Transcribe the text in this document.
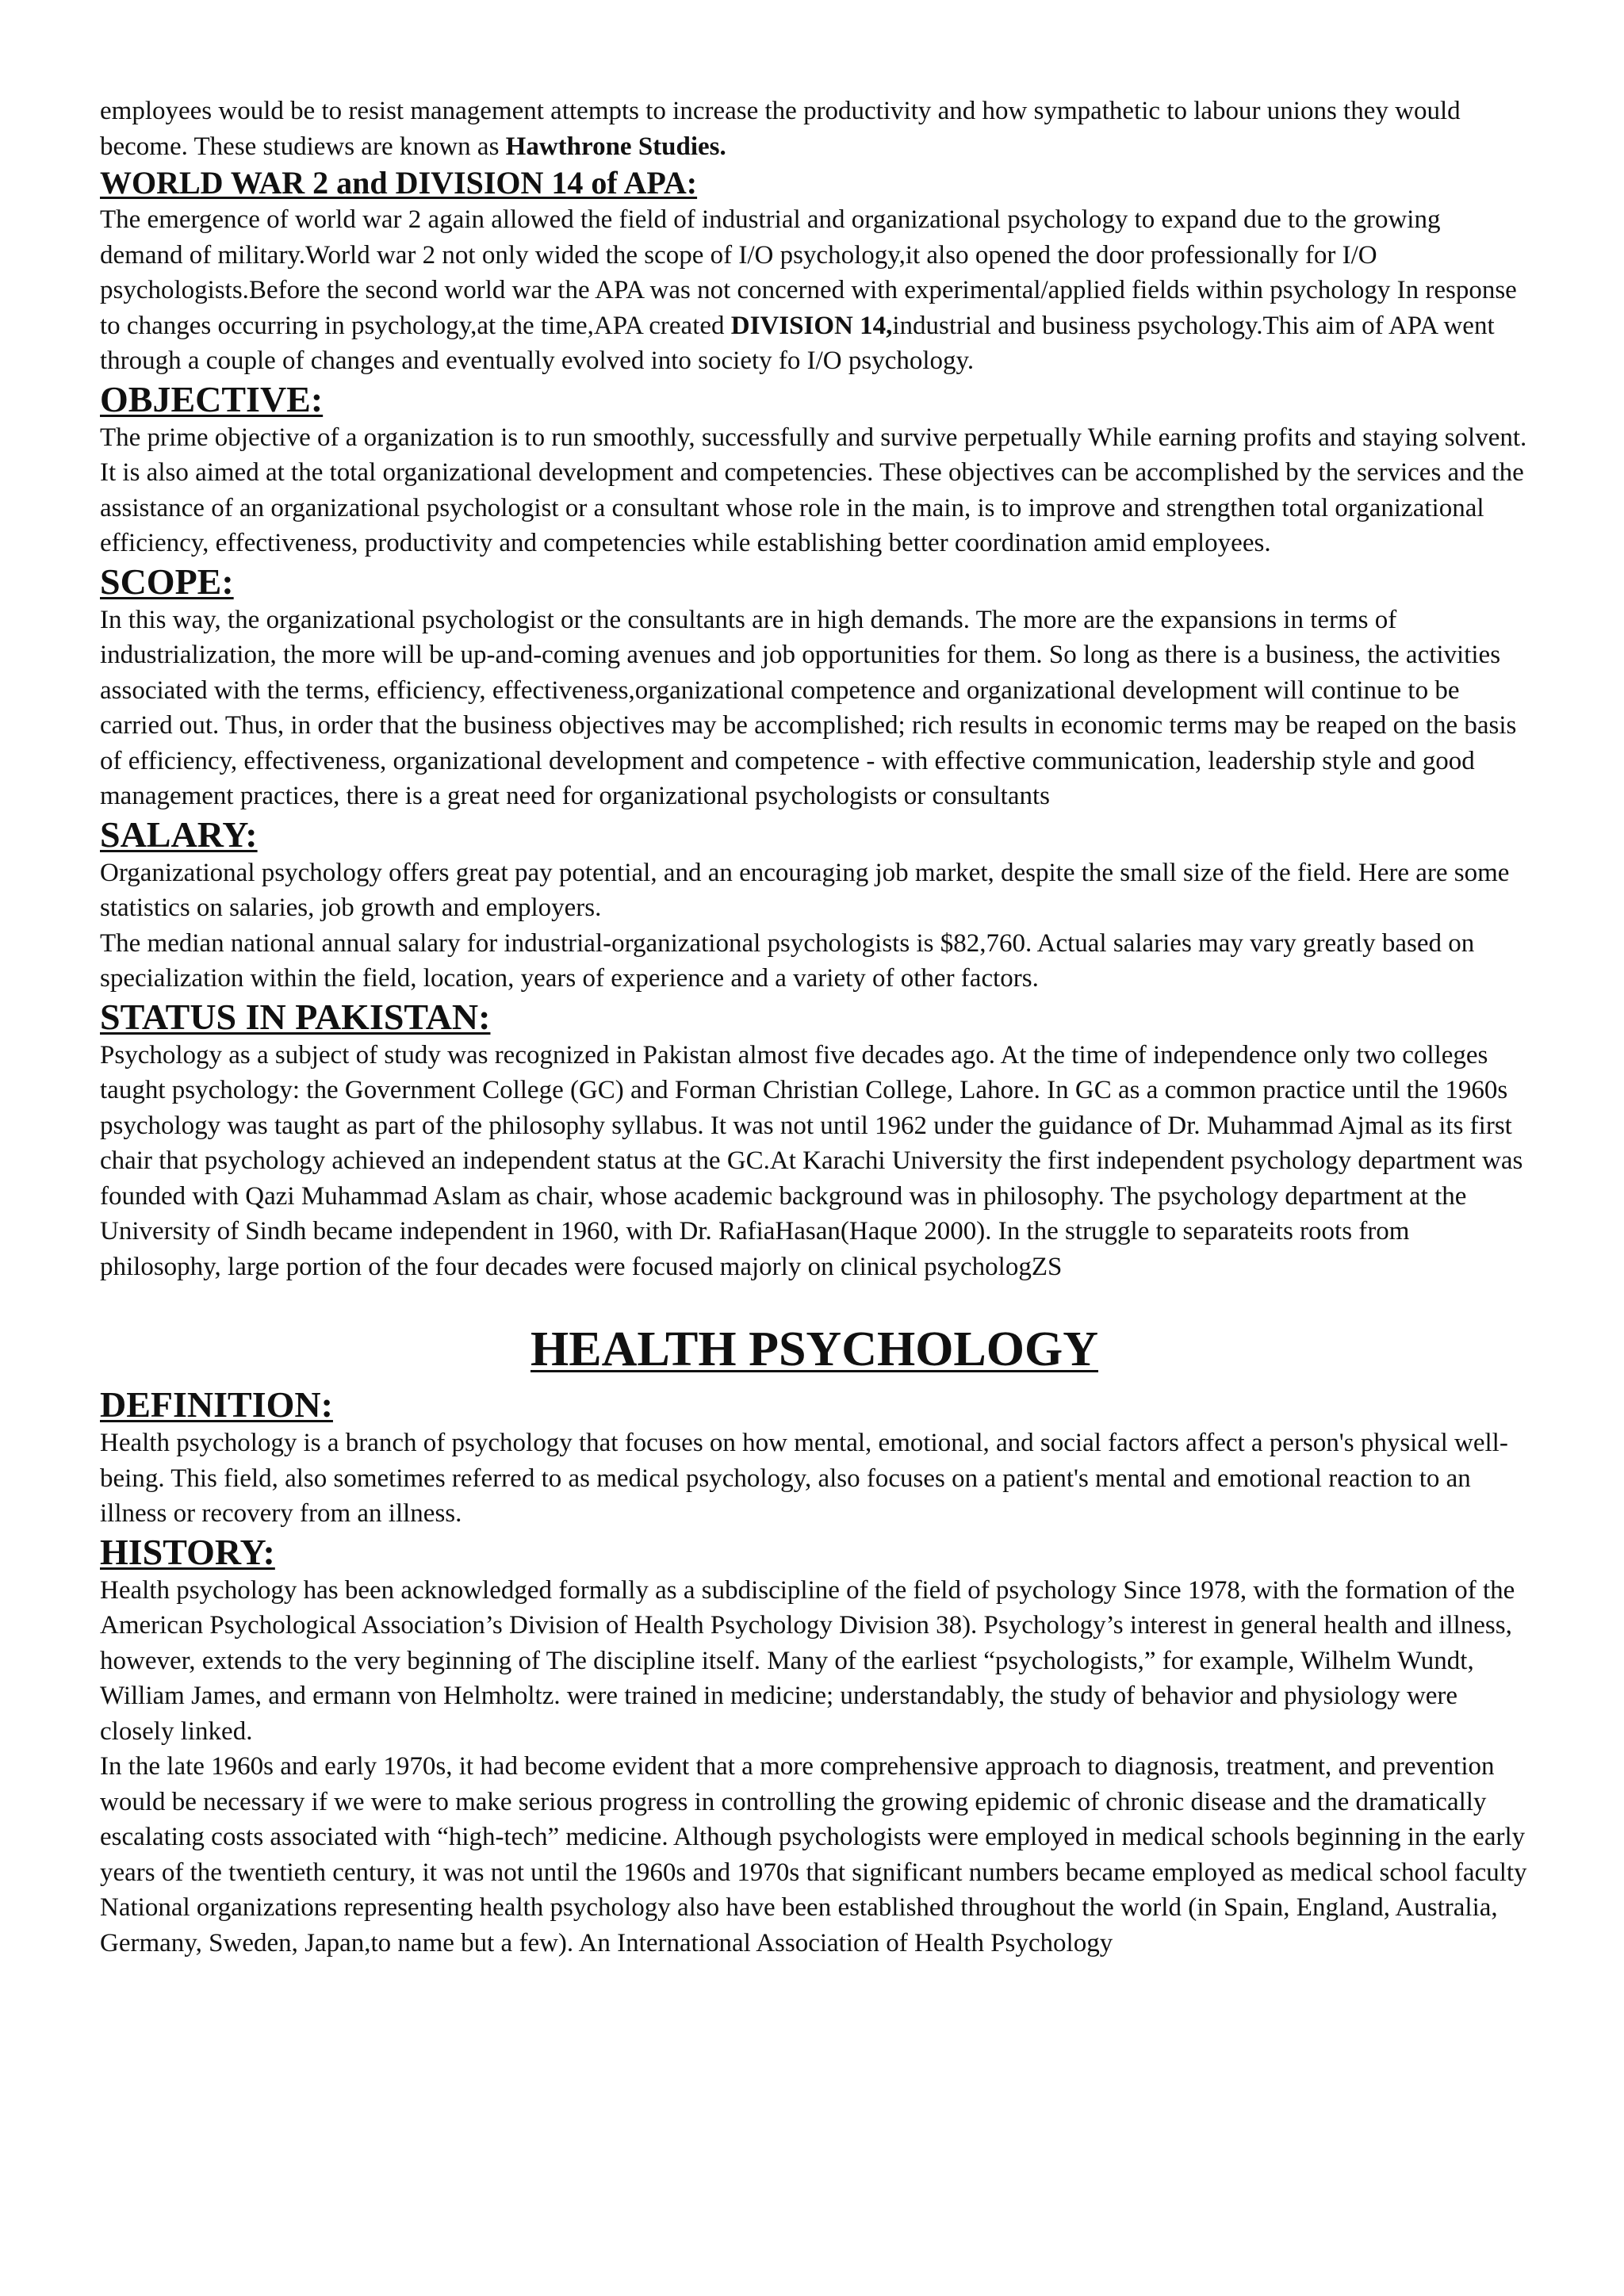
employees would be to resist management attempts to increase the productivity and how sympathetic to labour unions they would become. These studiews are known as Hawthrone Studies.

WORLD WAR 2 and DIVISION 14 of APA:

The emergence of world war 2 again allowed the field of industrial and organizational psychology to expand due to the growing demand of military.World war 2 not only wided the scope of I/O psychology,it also opened the door professionally for I/O psychologists.Before the second world war the APA was not concerned with experimental/applied fields within psychology In response to changes occurring in psychology,at the time,APA created DIVISION 14,industrial and business psychology.This aim of APA went through a couple of changes and eventually evolved into society fo I/O psychology.

OBJECTIVE:

The prime objective of a organization is to run smoothly, successfully and survive perpetually While earning profits and staying solvent. It is also aimed at the total organizational development and competencies. These objectives can be accomplished by the services and the assistance of an organizational psychologist or a consultant whose role in the main, is to improve and strengthen total organizational efficiency, effectiveness, productivity and competencies while establishing better coordination amid employees.

SCOPE:

In this way, the organizational psychologist or the consultants are in high demands. The more are the expansions in terms of industrialization, the more will be up-and-coming avenues and job opportunities for them. So long as there is a business, the activities associated with the terms, efficiency, effectiveness,organizational competence and organizational development will continue to be carried out. Thus, in order that the business objectives may be accomplished; rich results in economic terms may be reaped on the basis of efficiency, effectiveness, organizational development and competence - with effective communication, leadership style and good management practices, there is a great need for organizational psychologists or consultants

SALARY:

Organizational psychology offers great pay potential, and an encouraging job market, despite the small size of the field. Here are some statistics on salaries, job growth and employers.

The median national annual salary for industrial-organizational psychologists is $82,760. Actual salaries may vary greatly based on specialization within the field, location, years of experience and a variety of other factors.

STATUS IN PAKISTAN:

Psychology as a subject of study was recognized in Pakistan almost five decades ago. At the time of independence only two colleges taught psychology: the Government College (GC) and Forman Christian College, Lahore. In GC as a common practice until the 1960s psychology was taught as part of the philosophy syllabus. It was not until 1962 under the guidance of Dr. Muhammad Ajmal as its first chair that psychology achieved an independent status at the GC.At Karachi University the first independent psychology department was founded with Qazi Muhammad Aslam as chair, whose academic background was in philosophy. The psychology department at the University of Sindh became independent in 1960, with Dr. RafiaHasan(Haque 2000). In the struggle to separateits roots from philosophy, large portion of the four decades were focused majorly on clinical psychologZS

HEALTH PSYCHOLOGY
DEFINITION:

Health psychology is a branch of psychology that focuses on how mental, emotional, and social factors affect a person's physical well-being. This field, also sometimes referred to as medical psychology, also focuses on a patient's mental and emotional reaction to an illness or recovery from an illness.

HISTORY:

Health psychology has been acknowledged formally as a subdiscipline of the field of psychology Since 1978, with the formation of the American Psychological Association’s Division of Health Psychology Division 38). Psychology’s interest in general health and illness, however, extends to the very beginning of The discipline itself. Many of the earliest “psychologists,” for example, Wilhelm Wundt, William James, and ermann von Helmholtz. were trained in medicine; understandably, the study of behavior and physiology were closely linked.

In the late 1960s and early 1970s, it had become evident that a more comprehensive approach to diagnosis, treatment, and prevention would be necessary if we were to make serious progress in controlling the growing epidemic of chronic disease and the dramatically escalating costs associated with “high-tech” medicine. Although psychologists were employed in medical schools beginning in the early years of the twentieth century, it was not until the 1960s and 1970s that significant numbers became employed as medical school faculty

National organizations representing health psychology also have been established throughout the world (in Spain, England, Australia, Germany, Sweden, Japan,to name but a few). An International Association of Health Psychology
